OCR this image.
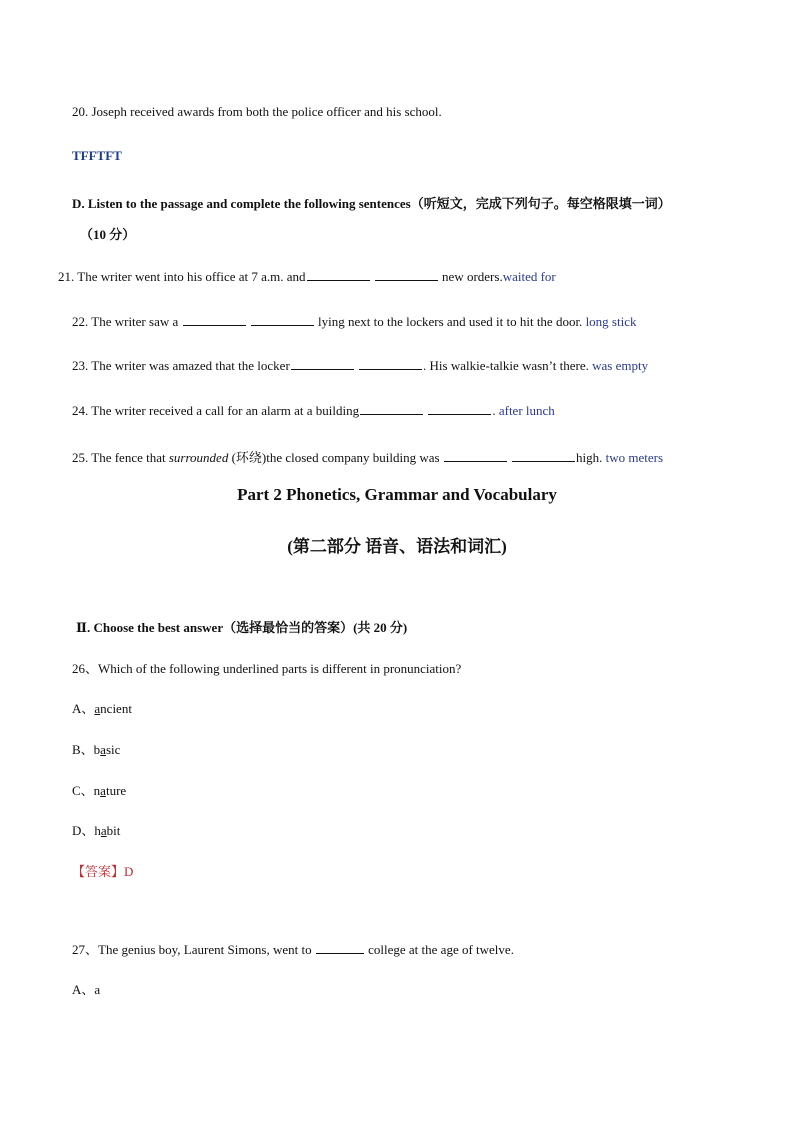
20. Joseph received awards from both the police officer and his school.
TFFTFT
D. Listen to the passage and complete the following sentences（听短文，完成下列句子。每空格限填一词）
（10 分）
21. The writer went into his office at 7 a.m. and	new orders.waited for
22. The writer saw a	lying next to the lockers and used it to hit the door. long stick
23. The writer was amazed that the locker	. His walkie-talkie wasn’t there. was empty
24. The writer received a call for an alarm at a building	. after lunch
25. The fence that surrounded (环绕)the closed company building was	high. two meters
Part 2 Phonetics, Grammar and Vocabulary
(第二部分 语音、语法和词汇)
Ⅱ. Choose the best answer（选择最恰当的答案）(共 20 分)
26、Which of the following underlined parts is different in pronunciation?
A、ancient
B、basic
C、nature
D、habit
【答案】D
27、The genius boy, Laurent Simons, went to	college at the age of twelve.
A、a
